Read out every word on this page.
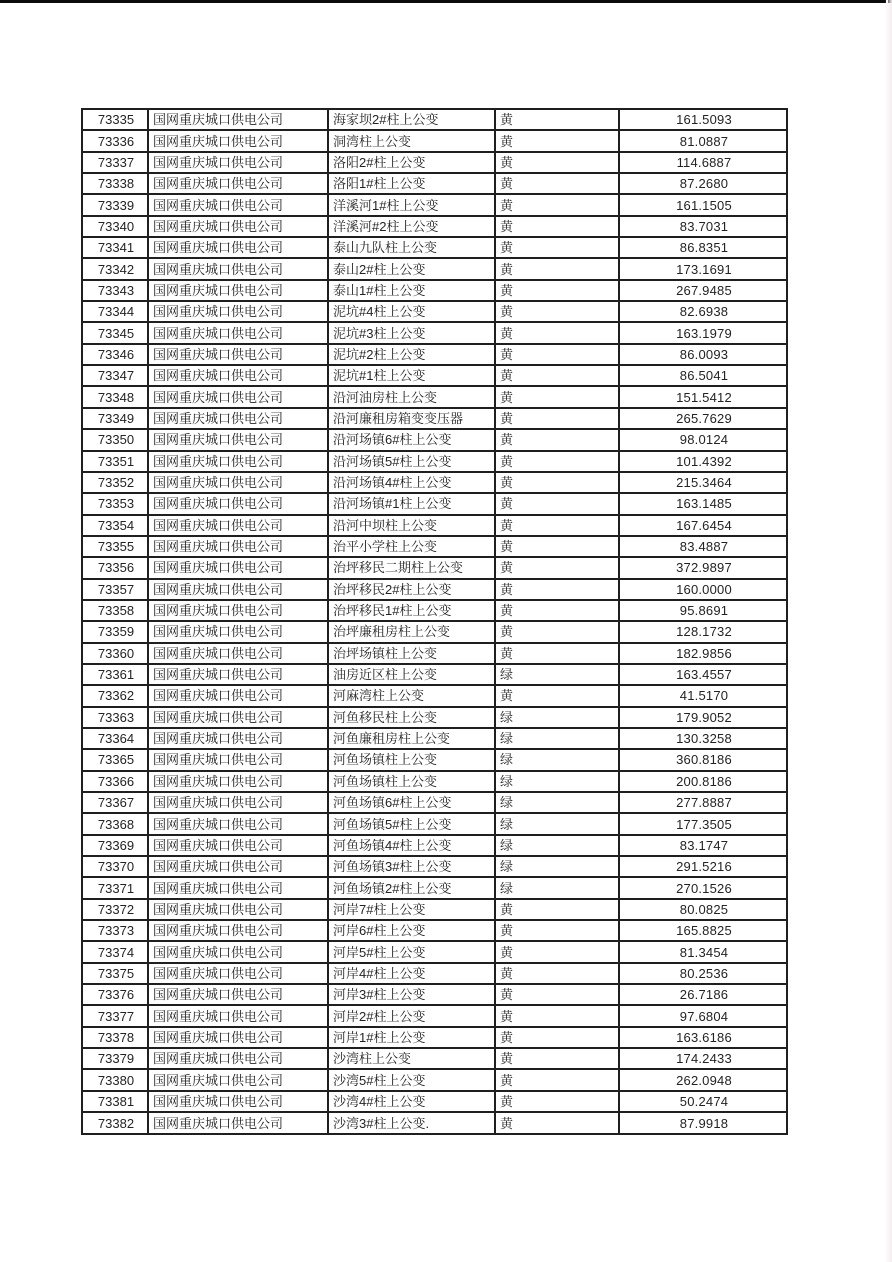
73335	国网重庆城口供电公司	海家坝2#柱上公变	黄	161.5093
73336	国网重庆城口供电公司	洞湾柱上公变	黄	81.0887
73337	国网重庆城口供电公司	洛阳2#柱上公变	黄	114.6887
73338	国网重庆城口供电公司	洛阳1#柱上公变	黄	87.2680
73339	国网重庆城口供电公司	洋溪河1#柱上公变	黄	161.1505
73340	国网重庆城口供电公司	洋溪河#2柱上公变	黄	83.7031
73341	国网重庆城口供电公司	泰山九队柱上公变	黄	86.8351
73342	国网重庆城口供电公司	泰山2#柱上公变	黄	173.1691
73343	国网重庆城口供电公司	泰山1#柱上公变	黄	267.9485
73344	国网重庆城口供电公司	泥坑#4柱上公变	黄	82.6938
73345	国网重庆城口供电公司	泥坑#3柱上公变	黄	163.1979
73346	国网重庆城口供电公司	泥坑#2柱上公变	黄	86.0093
73347	国网重庆城口供电公司	泥坑#1柱上公变	黄	86.5041
73348	国网重庆城口供电公司	沿河油房柱上公变	黄	151.5412
73349	国网重庆城口供电公司	沿河廉租房箱变变压器	黄	265.7629
73350	国网重庆城口供电公司	沿河场镇6#柱上公变	黄	98.0124
73351	国网重庆城口供电公司	沿河场镇5#柱上公变	黄	101.4392
73352	国网重庆城口供电公司	沿河场镇4#柱上公变	黄	215.3464
73353	国网重庆城口供电公司	沿河场镇#1柱上公变	黄	163.1485
73354	国网重庆城口供电公司	沿河中坝柱上公变	黄	167.6454
73355	国网重庆城口供电公司	治平小学柱上公变	黄	83.4887
73356	国网重庆城口供电公司	治坪移民二期柱上公变	黄	372.9897
73357	国网重庆城口供电公司	治坪移民2#柱上公变	黄	160.0000
73358	国网重庆城口供电公司	治坪移民1#柱上公变	黄	95.8691
73359	国网重庆城口供电公司	治坪廉租房柱上公变	黄	128.1732
73360	国网重庆城口供电公司	治坪场镇柱上公变	黄	182.9856
73361	国网重庆城口供电公司	油房近区柱上公变	绿	163.4557
73362	国网重庆城口供电公司	河麻湾柱上公变	黄	41.5170
73363	国网重庆城口供电公司	河鱼移民柱上公变	绿	179.9052
73364	国网重庆城口供电公司	河鱼廉租房柱上公变	绿	130.3258
73365	国网重庆城口供电公司	河鱼场镇柱上公变	绿	360.8186
73366	国网重庆城口供电公司	河鱼场镇柱上公变	绿	200.8186
73367	国网重庆城口供电公司	河鱼场镇6#柱上公变	绿	277.8887
73368	国网重庆城口供电公司	河鱼场镇5#柱上公变	绿	177.3505
73369	国网重庆城口供电公司	河鱼场镇4#柱上公变	绿	83.1747
73370	国网重庆城口供电公司	河鱼场镇3#柱上公变	绿	291.5216
73371	国网重庆城口供电公司	河鱼场镇2#柱上公变	绿	270.1526
73372	国网重庆城口供电公司	河岸7#柱上公变	黄	80.0825
73373	国网重庆城口供电公司	河岸6#柱上公变	黄	165.8825
73374	国网重庆城口供电公司	河岸5#柱上公变	黄	81.3454
73375	国网重庆城口供电公司	河岸4#柱上公变	黄	80.2536
73376	国网重庆城口供电公司	河岸3#柱上公变	黄	26.7186
73377	国网重庆城口供电公司	河岸2#柱上公变	黄	97.6804
73378	国网重庆城口供电公司	河岸1#柱上公变	黄	163.6186
73379	国网重庆城口供电公司	沙湾柱上公变	黄	174.2433
73380	国网重庆城口供电公司	沙湾5#柱上公变	黄	262.0948
73381	国网重庆城口供电公司	沙湾4#柱上公变	黄	50.2474
73382	国网重庆城口供电公司	沙湾3#柱上公变.	黄	87.9918
